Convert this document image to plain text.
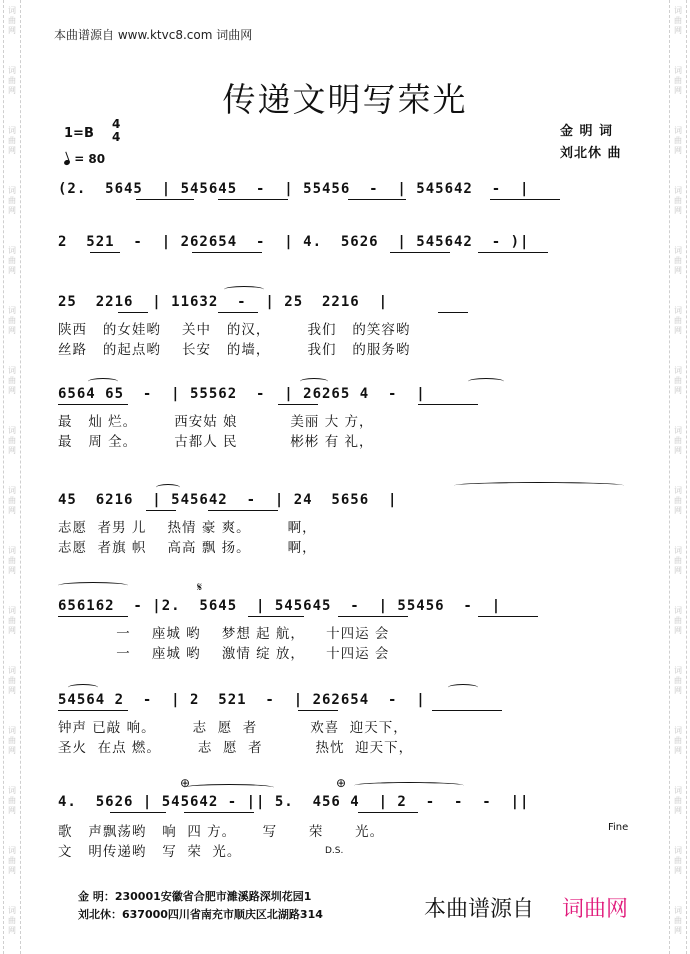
词
曲
网
词
曲
网
词
曲
网
词
曲
网
词
曲
网
词
曲
网
词
曲
网
词
曲
网
词
曲
网
词
曲
网
词
曲
网
词
曲
网
词
曲
网
词
曲
网
词
曲
网
词
曲
网
词
曲
网
词
曲
网
词
曲
网
词
曲
网
词
曲
网
词
曲
网
词
曲
网
词
曲
网
词
曲
网
词
曲
网
词
曲
网
词
曲
网
词
曲
网
词
曲
网
词
曲
网
词
曲
网
本曲谱源自 www.ktvc8.com 词曲网
传递文明写荣光
1=B
4
4
= 80
金 明 词
刘北休 曲
(2.  5645  | 545645  -  | 55456  -  | 545642  -  |
2  521  -  | 262654  -  | 4.  5626  | 545642  - )|
25  2216  | 11632  -  | 25  2216  |
陕西   的女娃哟    关中   的汉，       我们   的笑容哟
丝路   的起点哟    长安   的墙，       我们   的服务哟
6564 65  -  | 55562  -  | 26265 4  -  |
最   灿 烂。       西安姑 娘          美丽 大 方，
最   周 全。       古都人 民          彬彬 有 礼，
45  6216  | 545642  -  | 24  5656  |
志愿  者男 儿    热情 豪 爽。       啊，
志愿  者旗 帜    高高 飘 扬。       啊，
656162  - |2.  5645  | 545645  -  | 55456  -  |
一    座城 哟    梦想 起 航，    十四运 会
一    座城 哟    激情 绽 放，    十四运 会
𝄋
54564 2  -  | 2  521  -  | 262654  -  |
钟声 已敲 响。       志  愿  者          欢喜  迎天下，
圣火  在点 燃。       志  愿  者          热忱  迎天下，
4.  5626 | 545642 - || 5.  456 4  | 2  -  -  -  ||
歌   声飘荡哟   响  四 方。     写      荣      光。
文   明传递哟   写  荣  光。
⊕	⊕
Fine
D.S.
金 明：230001安徽省合肥市濉溪路深圳花园1
刘北休：637000四川省南充市顺庆区北湖路314	本曲谱源自 词曲网
